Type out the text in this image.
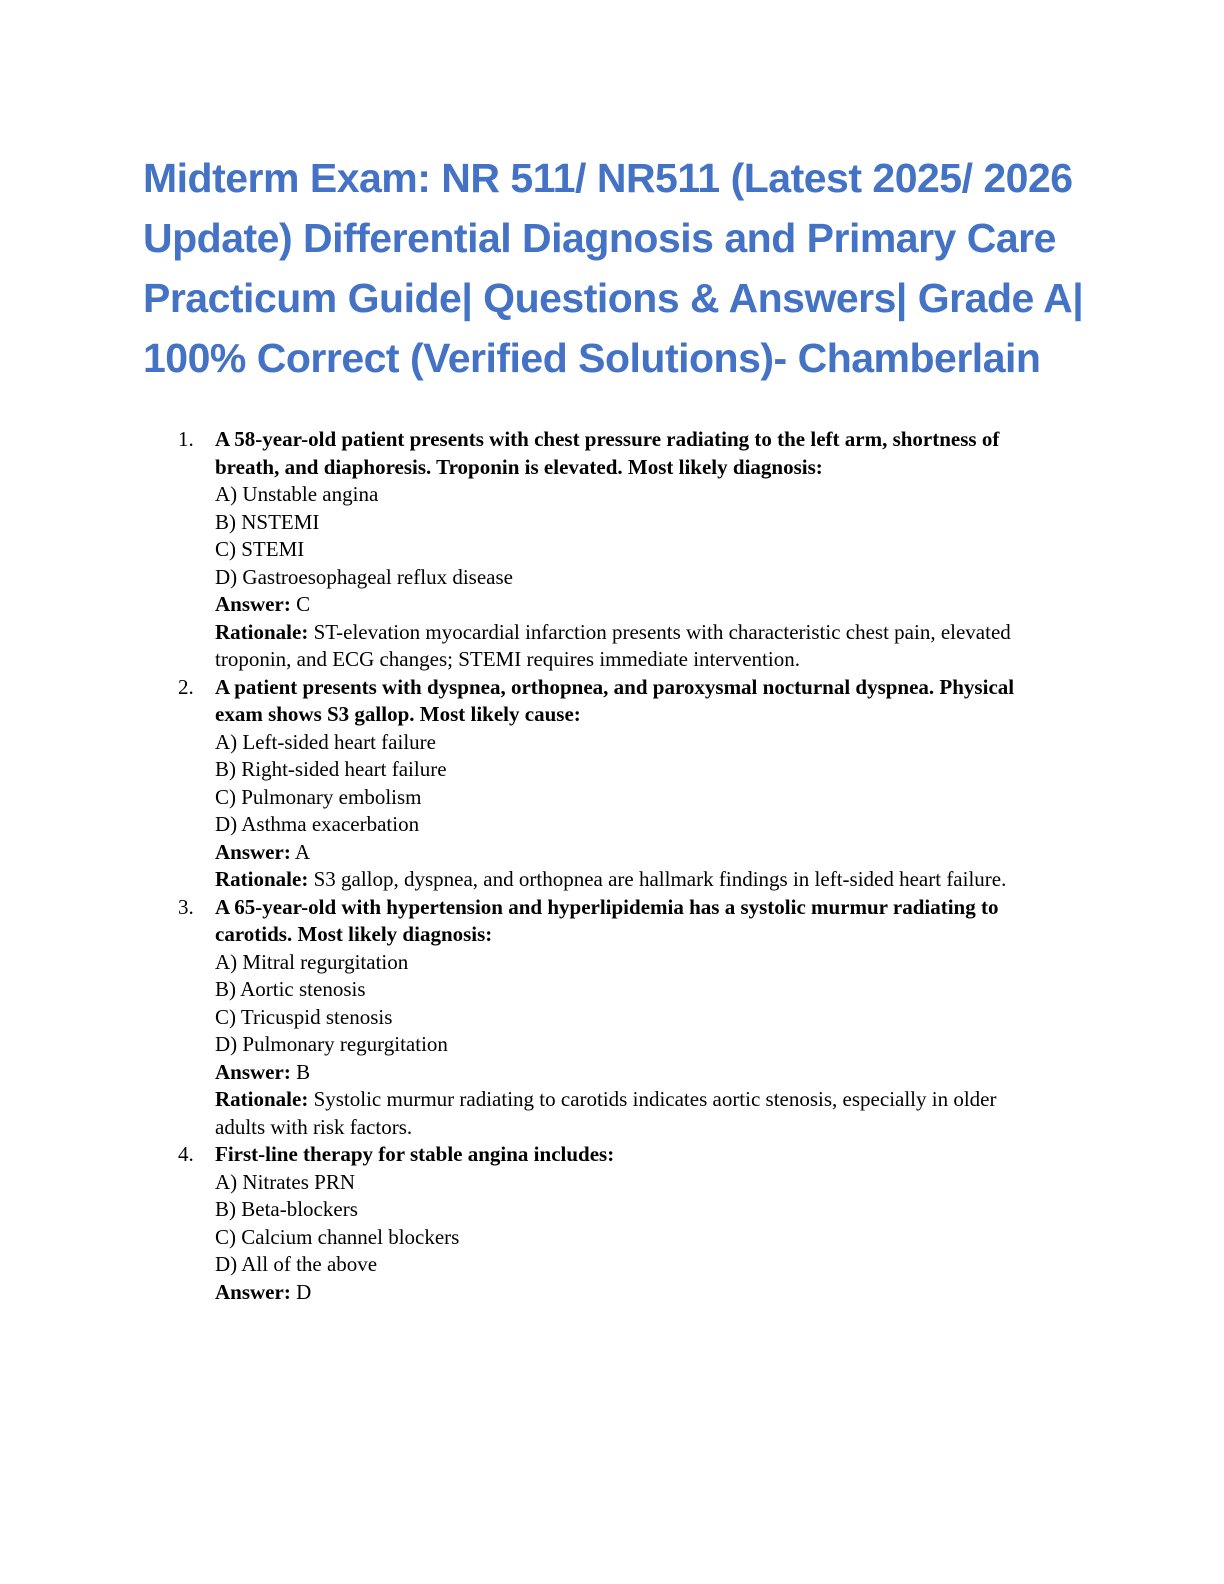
Midterm Exam: NR 511/ NR511 (Latest 2025/ 2026 Update) Differential Diagnosis and Primary Care Practicum Guide| Questions & Answers| Grade A| 100% Correct (Verified Solutions)- Chamberlain
1.	A 58-year-old patient presents with chest pressure radiating to the left arm, shortness of breath, and diaphoresis. Troponin is elevated. Most likely diagnosis:

A) Unstable angina

B) NSTEMI

C) STEMI

D) Gastroesophageal reflux disease

Answer: C

Rationale: ST-elevation myocardial infarction presents with characteristic chest pain, elevated troponin, and ECG changes; STEMI requires immediate intervention.

2.	A patient presents with dyspnea, orthopnea, and paroxysmal nocturnal dyspnea. Physical exam shows S3 gallop. Most likely cause:

A) Left-sided heart failure

B) Right-sided heart failure

C) Pulmonary embolism

D) Asthma exacerbation

Answer: A

Rationale: S3 gallop, dyspnea, and orthopnea are hallmark findings in left-sided heart failure.

3.	A 65-year-old with hypertension and hyperlipidemia has a systolic murmur radiating to carotids. Most likely diagnosis:

A) Mitral regurgitation

B) Aortic stenosis

C) Tricuspid stenosis

D) Pulmonary regurgitation

Answer: B

Rationale: Systolic murmur radiating to carotids indicates aortic stenosis, especially in older adults with risk factors.

4.	First-line therapy for stable angina includes:

A) Nitrates PRN

B) Beta-blockers

C) Calcium channel blockers

D) All of the above

Answer: D
